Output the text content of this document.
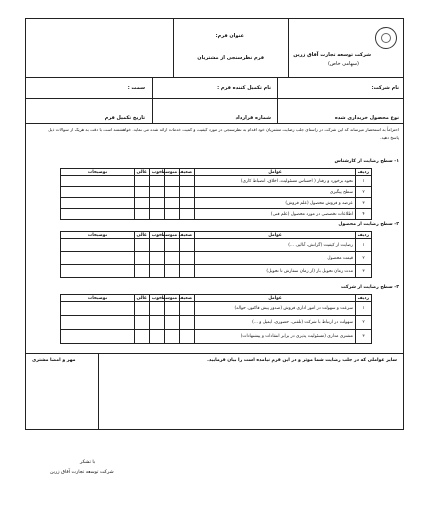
شرکت توسعه تجارت آفاق زرین
(سهامی خاص)
عنوان فرم:
فرم نظرسنجی از مشتریان
نام شرکت:
نام تکمیل کننده فرم :
سمت :
نوع محصول خریداری شده
شماره قرارداد
تاریخ تکمیل فرم
احتراماً به استحضار میرساند که این شرکت در راستای جلب رضایت مشتریان خود اقدام به نظرسنجی در مورد کیفیت و کمیت خدمات ارائه شده می نماید. خواهشمند است با دقت به هریک از سوالات ذیل
پاسخ دهید.
۱- سطح رضایت از کارشناس
توضیحات	عالی	خوب	متوسط	ضعیف	عوامل	ردیف
					نحوه برخورد و رفتار ( احساس مسئولیت، اخلاق، انضباط کاری)	۱
					سطح پیگیری	۲
					عرضه و فروش محصول (علم فروش)	۳
					اطلاعات تخصصی در مورد محصول (علم فنی)	۴
۲- سطح رضایت از محصول
توضیحات	عالی	خوب	متوسط	ضعیف	عوامل	ردیف
					رضایت از کیفیت (گرانش، آنالیز، ...)	۱
					قیمت محصول	۲
					مدت زمان تحویل بار (از زمان سفارش تا تحویل)	۳
۳- سطح رضایت از شرکت
توضیحات	عالی	خوب	متوسط	ضعیف	عوامل	ردیف
					سرعت و سهولت در امور اداری فروش (صدور پیش فاکتور، حواله)	۱
					سهولت در ارتباط با شرکت (تلفنی، حضوری، ایمیل و ...)	۲
					مشتری مداری (مسئولیت پذیری در برابر انتقادات و پیشنهادات)	۳
سایر عواملی که در جلب رضایت شما موثر و در این فرم نیامده است را بیان فرمایید.
مهر و امضا مشتری
با تشکر
شرکت توسعه تجارت آفاق زرین
